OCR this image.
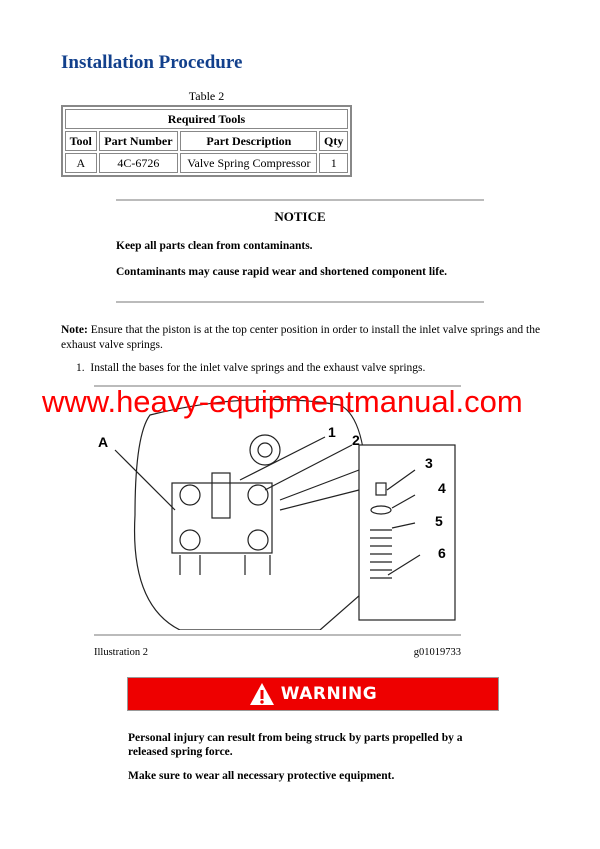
Installation Procedure
Table 2
Required Tools			
Tool	Part Number	Part Description	Qty
A	4C-6726	Valve Spring Compressor	1
NOTICE
Keep all parts clean from contaminants.
Contaminants may cause rapid wear and shortened component life.
Note: Ensure that the piston is at the top center position in order to install the inlet valve springs and the exhaust valve springs.
1. Install the bases for the inlet valve springs and the exhaust valve springs.
A
1 2
3
4
5
6
www.heavy-equipmentmanual.com
Illustration 2	g01019733
WARNING
Personal injury can result from being struck by parts propelled by a released spring force.
Make sure to wear all necessary protective equipment.
